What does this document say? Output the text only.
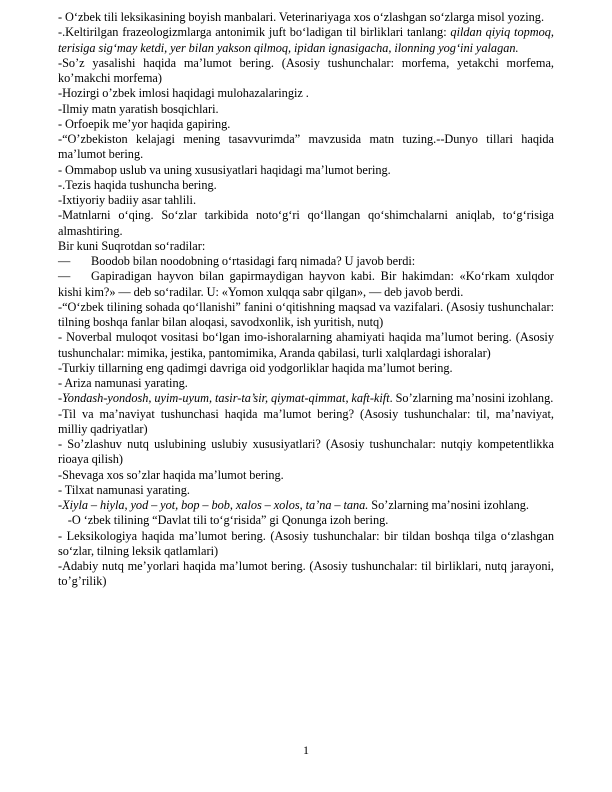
- O‘zbek tili leksikasining boyish manbalari. Veterinariyaga xos o‘zlashgan so‘zlarga misol yozing.

-.Keltirilgan frazeologizmlarga antonimik juft bo‘ladigan til birliklari tanlang: qildan qiyiq topmoq, terisiga sig‘may ketdi, yer bilan yakson qilmoq, ipidan ignasigacha, ilonning yog‘ini yalagan.

-So’z yasalishi haqida ma’lumot bering. (Asosiy tushunchalar: morfema, yetakchi morfema, ko’makchi morfema)

-Hozirgi o’zbek imlosi haqidagi mulohazalaringiz .

-Ilmiy matn yaratish bosqichlari.

- Orfoepik me’yor haqida gapiring.

-“O’zbekiston kelajagi mening tasavvurimda” mavzusida matn tuzing.--Dunyo tillari haqida ma’lumot bering.

- Ommabop uslub va uning xususiyatlari haqidagi ma’lumot bering.

-.Tezis haqida tushuncha bering.

-Ixtiyoriy badiiy asar tahlili.

-Matnlarni o‘qing. So‘zlar tarkibida noto‘g‘ri qo‘llangan qo‘shimchalarni aniqlab, to‘g‘risiga almashtiring.

Bir kuni Suqrotdan so‘radilar:

—	Boodob bilan noodobning o‘rtasidagi farq nimada? U javob berdi:

— Gapiradigan hayvon bilan gapirmaydigan hayvon kabi. Bir hakimdan: «Ko‘rkam xulqdor kishi kim?» — deb so‘radilar. U: «Yomon xulqqa sabr qilgan», — deb javob berdi.

-“O‘zbek tilining sohada qo‘llanishi” fanini o‘qitishning maqsad va vazifalari. (Asosiy tushunchalar: tilning boshqa fanlar bilan aloqasi, savodxonlik, ish yuritish, nutq)

- Noverbal muloqot vositasi bo‘lgan imo-ishoralarning ahamiyati haqida ma’lumot bering. (Asosiy tushunchalar: mimika, jestika, pantomimika, Aranda qabilasi, turli xalqlardagi ishoralar)

-Turkiy tillarning eng qadimgi davriga oid yodgorliklar haqida ma’lumot bering.

- Ariza namunasi yarating.

-Yondash-yondosh, uyim-uyum, tasir-ta’sir, qiymat-qimmat, kaft-kift. So’zlarning ma’nosini izohlang.

-Til va ma’naviyat tushunchasi haqida ma’lumot bering? (Asosiy tushunchalar: til, ma’naviyat, milliy qadriyatlar)

- So’zlashuv nutq uslubining uslubiy xususiyatlari? (Asosiy tushunchalar: nutqiy kompetentlikka rioaya qilish)

-Shevaga xos so’zlar haqida ma’lumot bering.

- Tilxat namunasi yarating.

-Xiyla – hiyla, yod – yot, bop – bob, xalos – xolos, ta’na – tana. So’zlarning ma’nosini izohlang.

-O ‘zbek tilining “Davlat tili to‘g‘risida” gi Qonunga izoh bering.

- Leksikologiya haqida ma’lumot bering. (Asosiy tushunchalar: bir tildan boshqa tilga o‘zlashgan so‘zlar, tilning leksik qatlamlari)

-Adabiy nutq me’yorlari haqida ma’lumot bering. (Asosiy tushunchalar: til birliklari, nutq jarayoni, to’g’rilik)

1
